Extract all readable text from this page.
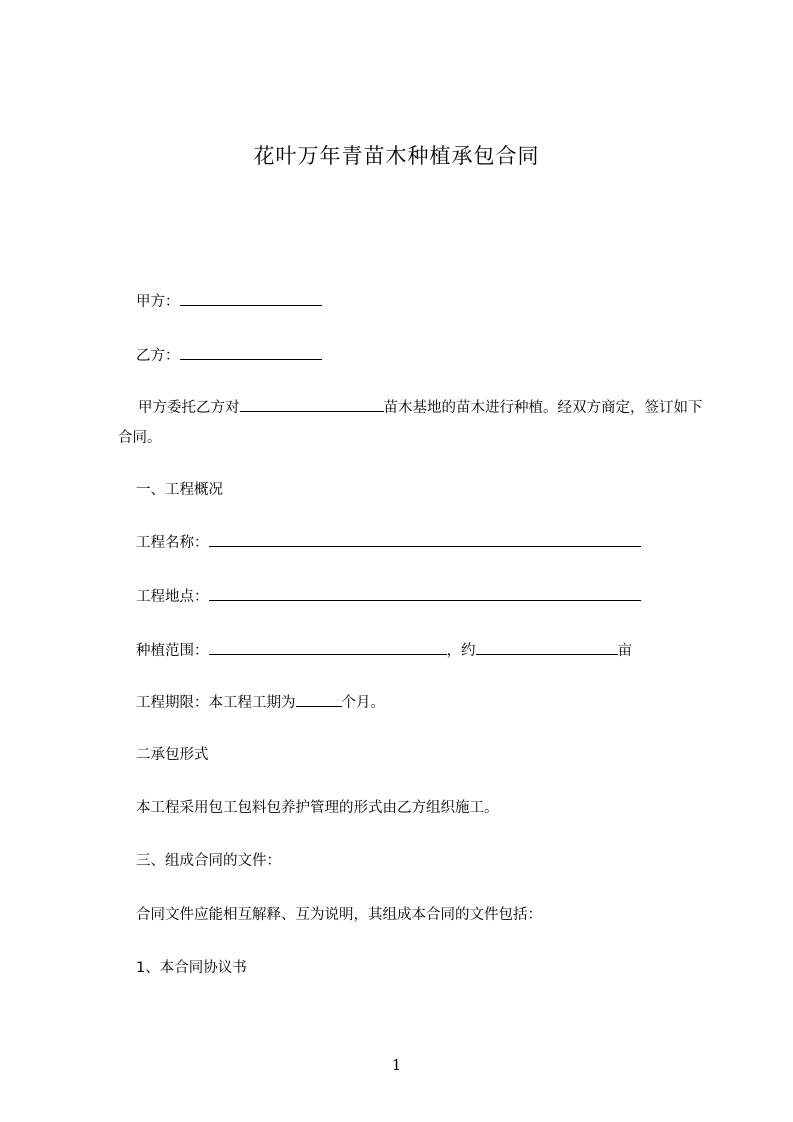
花叶万年青苗木种植承包合同
甲方：
乙方：
甲方委托乙方对	苗木基地的苗木进行种植。经双方商定，签订如下合同。
一、工程概况
工程名称：
工程地点：
种植范围：	，约	亩
工程期限：本工程工期为	个月。
二承包形式
本工程采用包工包料包养护管理的形式由乙方组织施工。
三、组成合同的文件：
合同文件应能相互解释、互为说明，其组成本合同的文件包括：
1、本合同协议书
1
